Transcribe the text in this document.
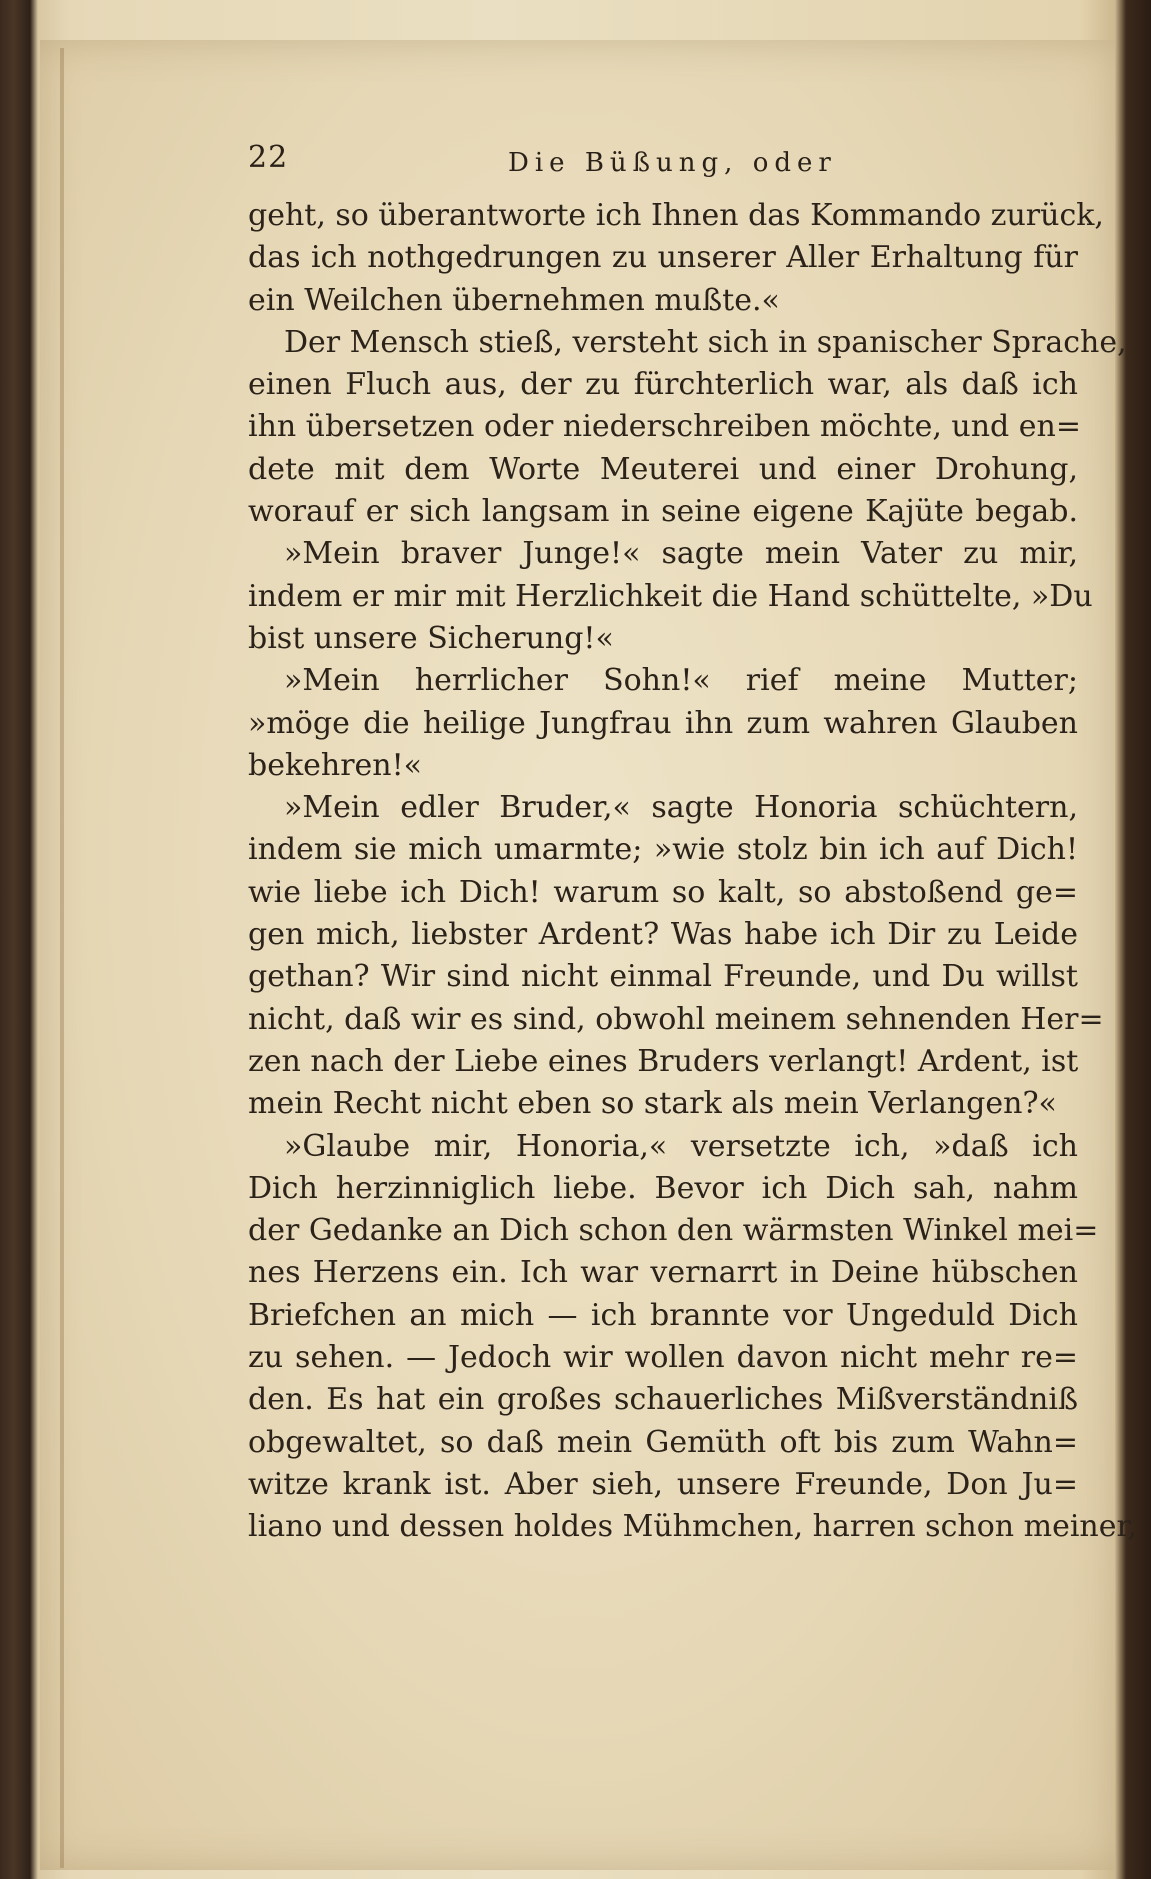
22	Die Büßung, oder
geht, so überantworte ich Ihnen das Kommando zurück,
das ich nothgedrungen zu unserer Aller Erhaltung für
ein Weilchen übernehmen mußte.«
Der Mensch stieß, versteht sich in spanischer Sprache,
einen Fluch aus, der zu fürchterlich war, als daß ich
ihn übersetzen oder niederschreiben möchte, und en=
dete mit dem Worte Meuterei und einer Drohung,
worauf er sich langsam in seine eigene Kajüte begab.
»Mein braver Junge!« sagte mein Vater zu mir,
indem er mir mit Herzlichkeit die Hand schüttelte, »Du
bist unsere Sicherung!«
»Mein herrlicher Sohn!« rief meine Mutter;
»möge die heilige Jungfrau ihn zum wahren Glauben
bekehren!«
»Mein edler Bruder,« sagte Honoria schüchtern,
indem sie mich umarmte; »wie stolz bin ich auf Dich!
wie liebe ich Dich! warum so kalt, so abstoßend ge=
gen mich, liebster Ardent? Was habe ich Dir zu Leide
gethan? Wir sind nicht einmal Freunde, und Du willst
nicht, daß wir es sind, obwohl meinem sehnenden Her=
zen nach der Liebe eines Bruders verlangt! Ardent, ist
mein Recht nicht eben so stark als mein Verlangen?«
»Glaube mir, Honoria,« versetzte ich, »daß ich
Dich herzinniglich liebe. Bevor ich Dich sah, nahm
der Gedanke an Dich schon den wärmsten Winkel mei=
nes Herzens ein. Ich war vernarrt in Deine hübschen
Briefchen an mich — ich brannte vor Ungeduld Dich
zu sehen. — Jedoch wir wollen davon nicht mehr re=
den. Es hat ein großes schauerliches Mißverständniß
obgewaltet, so daß mein Gemüth oft bis zum Wahn=
witze krank ist. Aber sieh, unsere Freunde, Don Ju=
liano und dessen holdes Mühmchen, harren schon meiner,
